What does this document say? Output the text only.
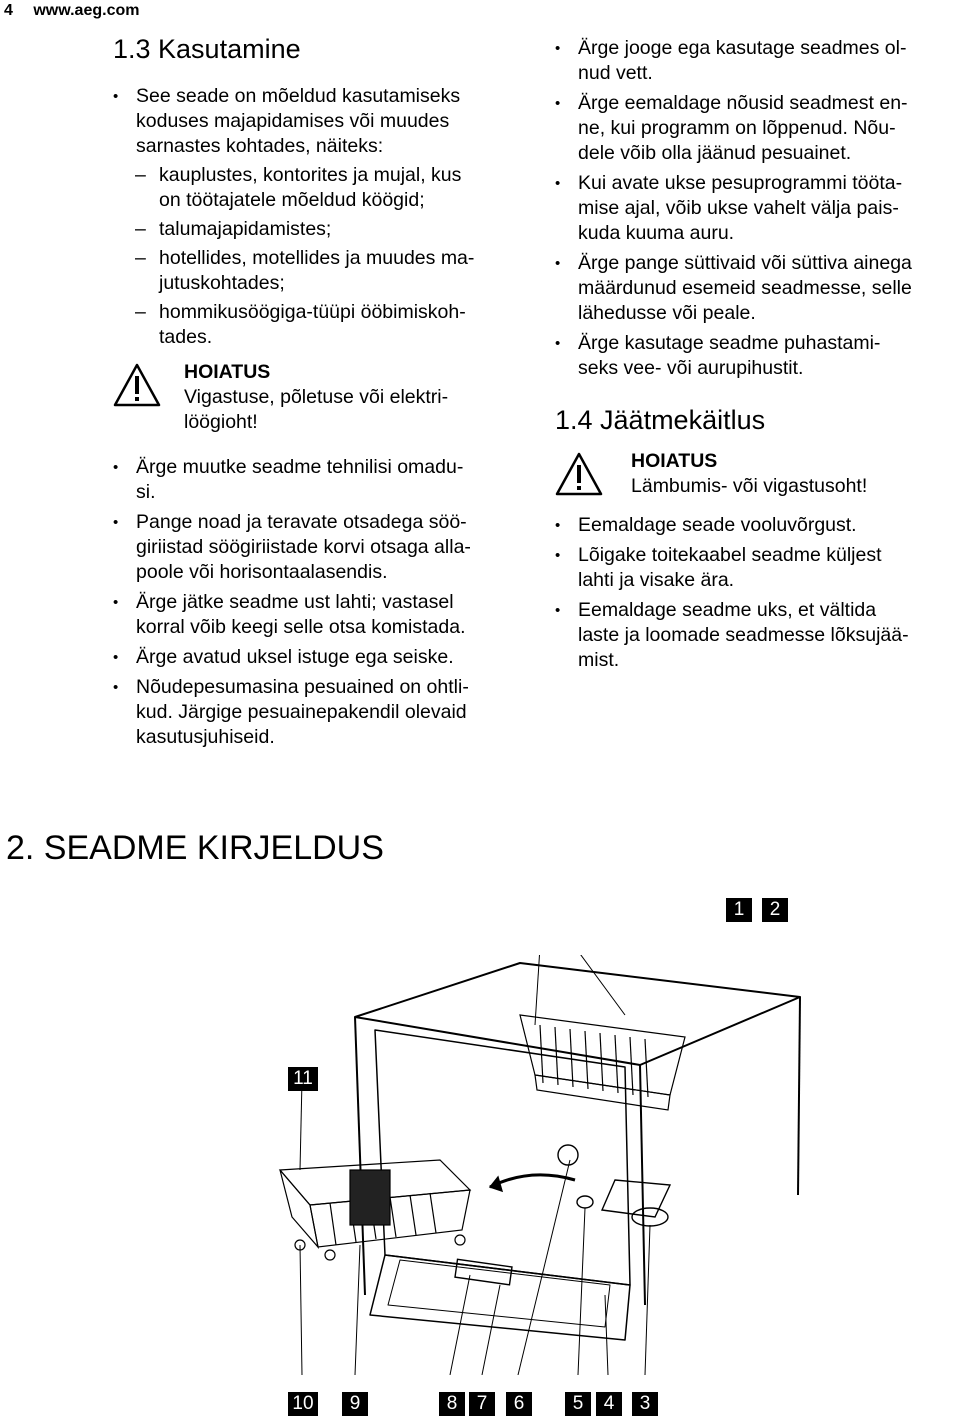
4 www.aeg.com
1.3 Kasutamine
• See seade on mõeldud kasutamiseks
koduses majapidamises või muudes
sarnastes kohtades, näiteks:
– kauplustes, kontorites ja mujal, kus
on töötajatele mõeldud köögid;
– talumajapidamistes;
– hotellides, motellides ja muudes ma-
jutuskohtades;
– hommikusöögiga-tüüpi ööbimiskoh-
tades.
HOIATUS
Vigastuse, põletuse või elektri-
löögioht!
• Ärge muutke seadme tehnilisi omadu-
si.
• Pange noad ja teravate otsadega söö-
giriistad söögiriistade korvi otsaga alla-
poole või horisontaalasendis.
• Ärge jätke seadme ust lahti; vastasel
korral võib keegi selle otsa komistada.
• Ärge avatud uksel istuge ega seiske.
• Nõudepesumasina pesuained on ohtli-
kud. Järgige pesuainepakendil olevaid
kasutusjuhiseid.
• Ärge jooge ega kasutage seadmes ol-
nud vett.
• Ärge eemaldage nõusid seadmest en-
ne, kui programm on lõppenud. Nõu-
dele võib olla jäänud pesuainet.
• Kui avate ukse pesuprogrammi tööta-
mise ajal, võib ukse vahelt välja pais-
kuda kuuma auru.
• Ärge pange süttivaid või süttiva ainega
määrdunud esemeid seadmesse, selle
lähedusse või peale.
• Ärge kasutage seadme puhastami-
seks vee- või aurupihustit.
1.4 Jäätmekäitlus
HOIATUS
Lämbumis- või vigastusoht!
• Eemaldage seade vooluvõrgust.
• Lõigake toitekaabel seadme küljest
lahti ja visake ära.
• Eemaldage seadme uks, et vältida
laste ja loomade seadmesse lõksujää-
mist.
2. SEADME KIRJELDUS
1	2
11
10	9	8	7	6	5	4	3
